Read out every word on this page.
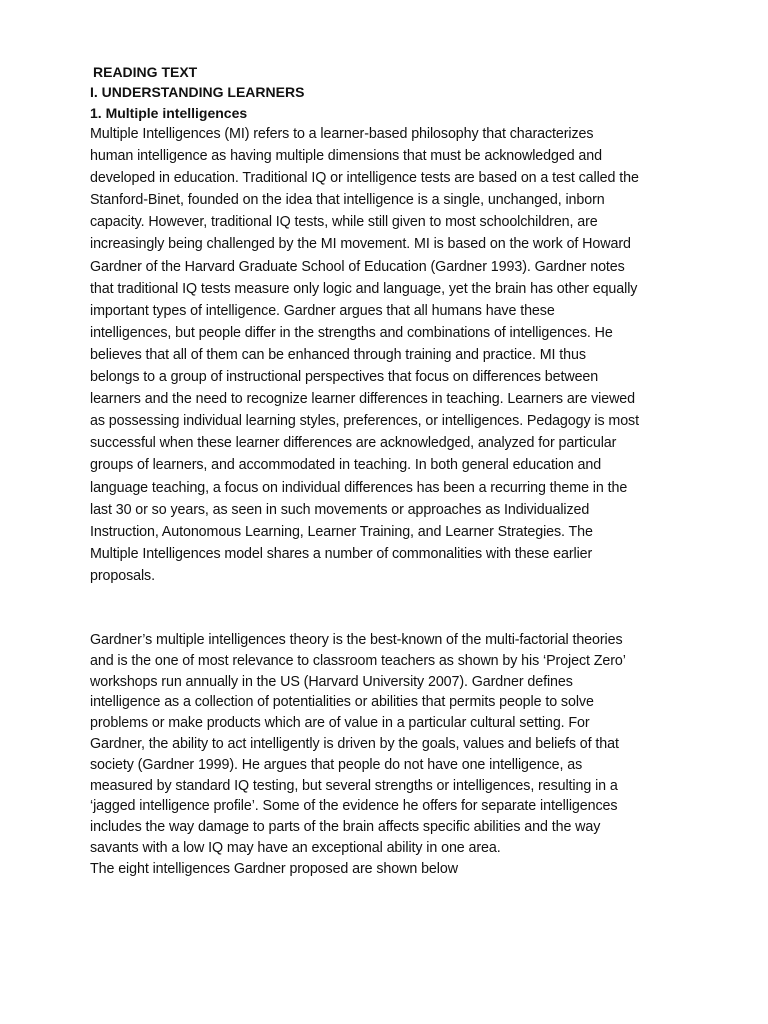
READING TEXT
I. UNDERSTANDING LEARNERS
1. Multiple intelligences
Multiple Intelligences (MI) refers to a learner-based philosophy that characterizes
human intelligence as having multiple dimensions that must be acknowledged and
developed in education. Traditional IQ or intelligence tests are based on a test called the
Stanford-Binet, founded on the idea that intelligence is a single, unchanged, inborn
capacity. However, traditional IQ tests, while still given to most schoolchildren, are
increasingly being challenged by the MI movement. MI is based on the work of Howard
Gardner of the Harvard Graduate School of Education (Gardner 1993). Gardner notes
that traditional IQ tests measure only logic and language, yet the brain has other equally
important types of intelligence. Gardner argues that all humans have these
intelligences, but people differ in the strengths and combinations of intelligences. He
believes that all of them can be enhanced through training and practice. MI thus
belongs to a group of instructional perspectives that focus on differences between
learners and the need to recognize learner differences in teaching. Learners are viewed
as possessing individual learning styles, preferences, or intelligences. Pedagogy is most
successful when these learner differences are acknowledged, analyzed for particular
groups of learners, and accommodated in teaching. In both general education and
language teaching, a focus on individual differences has been a recurring theme in the
last 30 or so years, as seen in such movements or approaches as Individualized
Instruction, Autonomous Learning, Learner Training, and Learner Strategies. The
Multiple Intelligences model shares a number of commonalities with these earlier
proposals.
Gardner’s multiple intelligences theory is the best-known of the multi-factorial theories
and is the one of most relevance to classroom teachers as shown by his ‘Project Zero’
workshops run annually in the US (Harvard University 2007). Gardner defines
intelligence as a collection of potentialities or abilities that permits people to solve
problems or make products which are of value in a particular cultural setting. For
Gardner, the ability to act intelligently is driven by the goals, values and beliefs of that
society (Gardner 1999). He argues that people do not have one intelligence, as
measured by standard IQ testing, but several strengths or intelligences, resulting in a
‘jagged intelligence profile’. Some of the evidence he offers for separate intelligences
includes the way damage to parts of the brain affects specific abilities and the way
savants with a low IQ may have an exceptional ability in one area.
The eight intelligences Gardner proposed are shown below
